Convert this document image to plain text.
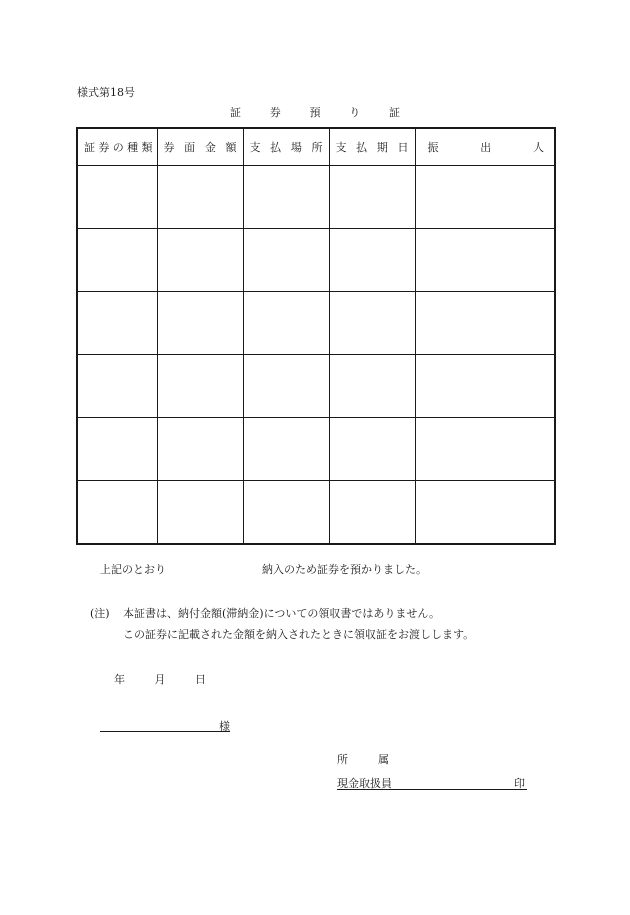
様式第18号
証	券	預	り	証
証 券 の 種 類	券 面 金 額	支 払 場 所	支 払 期 日	振 出 人

上記のとおり	納入のため証券を預かりました。
(注) 本証書は、納付金額(滞納金)についての領収書ではありません。
この証券に記載された金額を納入されたときに領収証をお渡しします。
年	月	日
様
所	属
現金取扱員	印
